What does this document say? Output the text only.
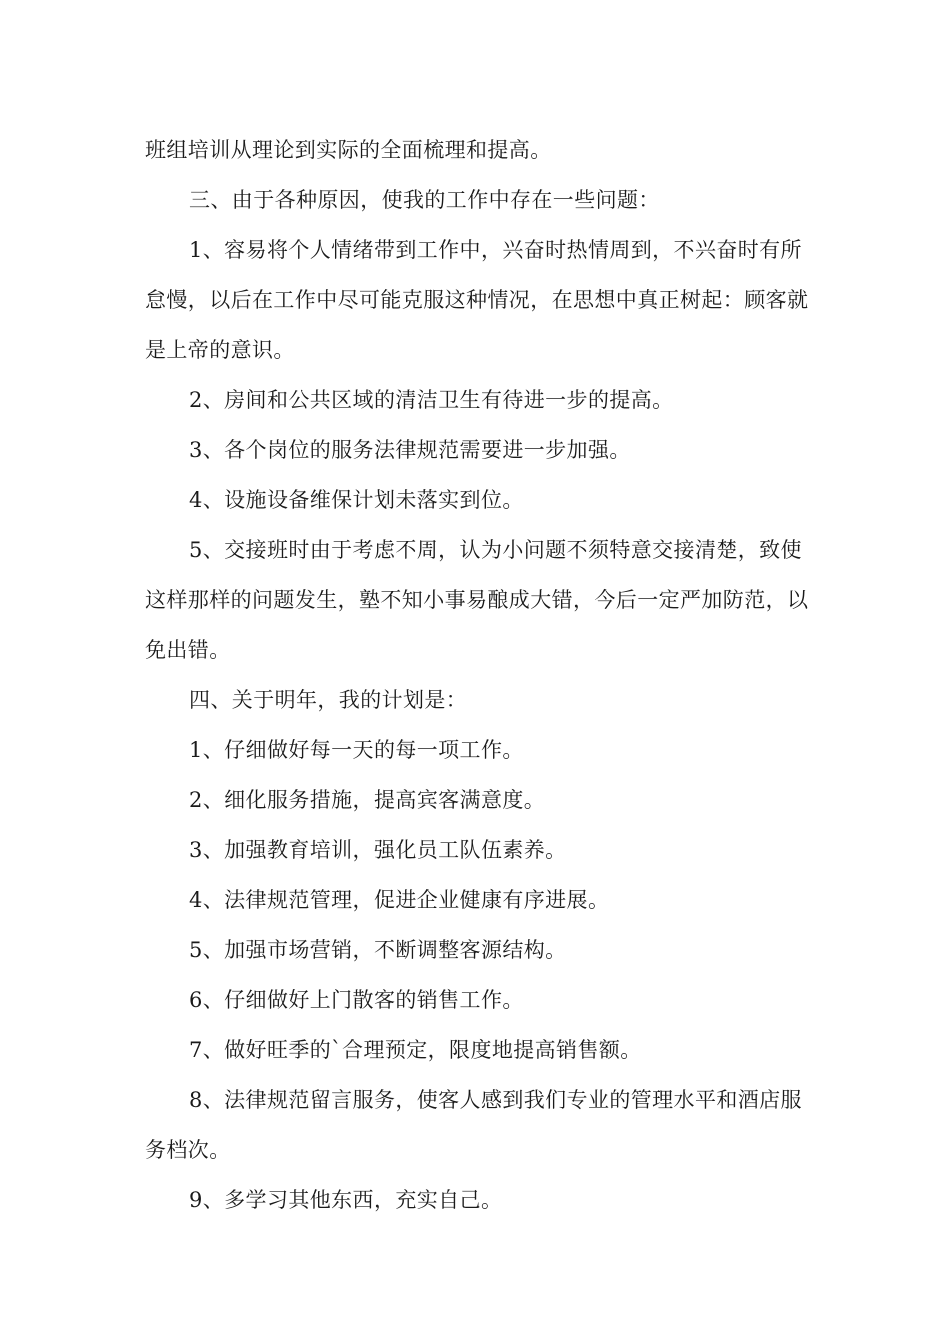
班组培训从理论到实际的全面梳理和提高。

三、由于各种原因，使我的工作中存在一些问题：

1、容易将个人情绪带到工作中，兴奋时热情周到，不兴奋时有所怠慢，以后在工作中尽可能克服这种情况，在思想中真正树起：顾客就是上帝的意识。

2、房间和公共区域的清洁卫生有待进一步的提高。

3、各个岗位的服务法律规范需要进一步加强。

4、设施设备维保计划未落实到位。

5、交接班时由于考虑不周，认为小问题不须特意交接清楚，致使这样那样的问题发生，塾不知小事易酿成大错，今后一定严加防范，以免出错。

四、关于明年，我的计划是：

1、仔细做好每一天的每一项工作。

2、细化服务措施，提高宾客满意度。

3、加强教育培训，强化员工队伍素养。

4、法律规范管理，促进企业健康有序进展。

5、加强市场营销，不断调整客源结构。

6、仔细做好上门散客的销售工作。

7、做好旺季的`合理预定，限度地提高销售额。

8、法律规范留言服务，使客人感到我们专业的管理水平和酒店服务档次。

9、多学习其他东西，充实自己。
